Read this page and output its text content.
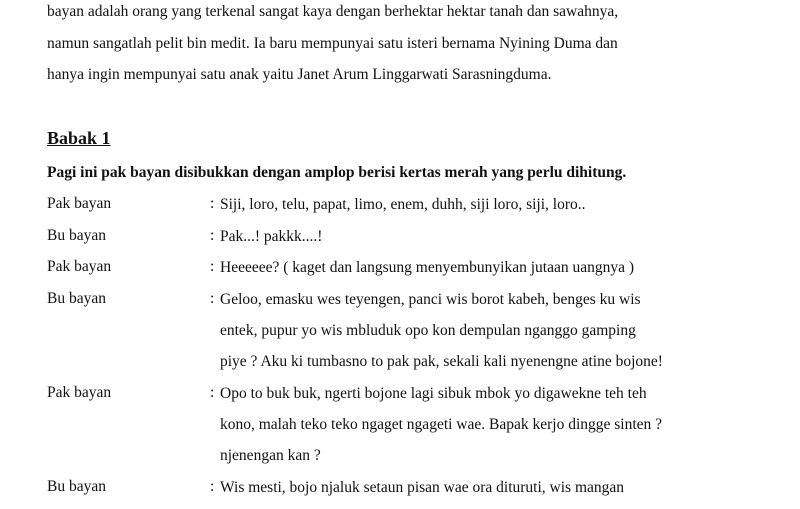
bayan adalah orang yang terkenal sangat kaya dengan berhektar hektar tanah dan sawahnya,
namun sangatlah pelit bin medit. Ia baru mempunyai satu isteri bernama Nyining Duma dan
hanya ingin mempunyai satu anak yaitu Janet Arum Linggarwati Sarasningduma.
Babak 1
Pagi ini pak bayan disibukkan dengan amplop berisi kertas merah yang perlu dihitung.
Pak bayan	: Siji, loro, telu, papat, limo, enem, duhh, siji loro, siji, loro..
Bu bayan	: Pak...! pakkk....!
Pak bayan	: Heeeeee? ( kaget dan langsung menyembunyikan jutaan uangnya )
Bu bayan	: Geloo, emasku wes teyengen, panci wis borot kabeh, benges ku wis
entek, pupur yo wis mbluduk opo kon dempulan nganggo gamping
piye ? Aku ki tumbasno to pak pak, sekali kali nyenengne atine bojone!
Pak bayan	: Opo to buk buk, ngerti bojone lagi sibuk mbok yo digawekne teh teh
kono, malah teko teko ngaget ngageti wae. Bapak kerjo dingge sinten ?
njenengan kan ?
Bu bayan	: Wis mesti, bojo njaluk setaun pisan wae ora dituruti, wis mangan
